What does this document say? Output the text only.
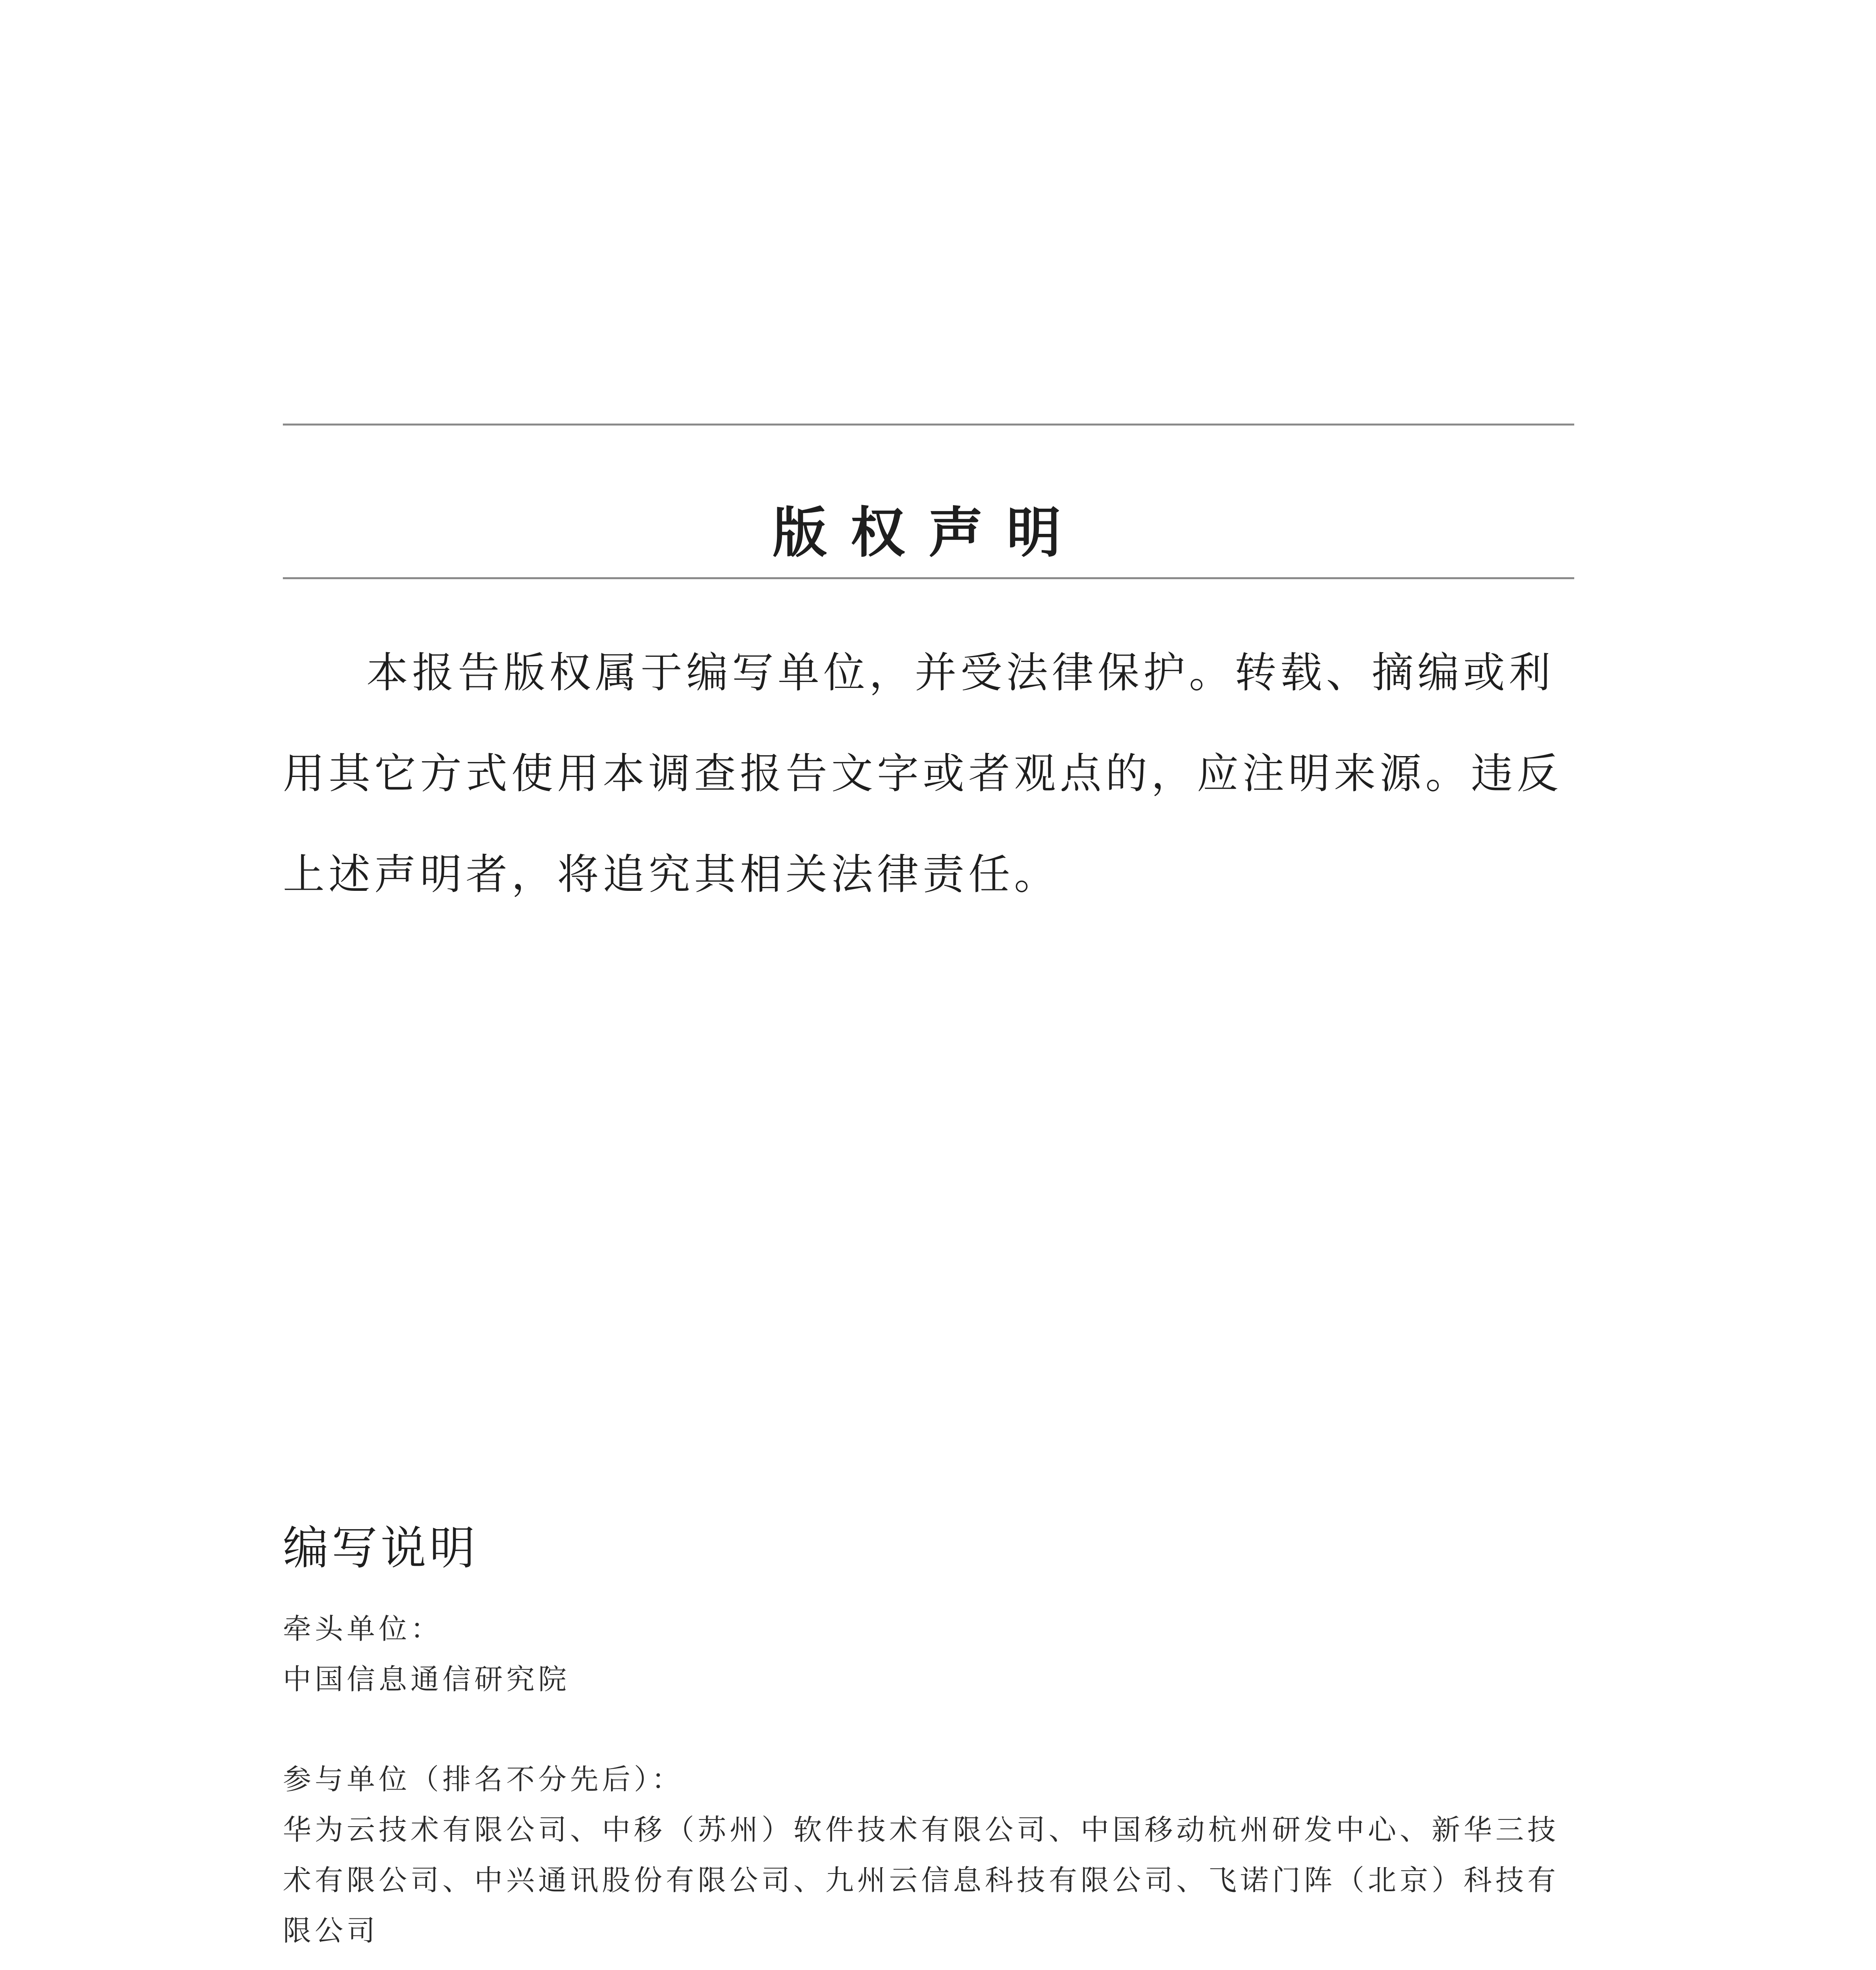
版权声明

本报告版权属于编写单位，并受法律保护。转载、摘编或利用其它方式使用本调查报告文字或者观点的，应注明来源。违反上述声明者，将追究其相关法律责任。

编写说明
牵头单位：
中国信息通信研究院
参与单位（排名不分先后）：
华为云技术有限公司、中移（苏州）软件技术有限公司、中国移动杭州研发中心、新华三技术有限公司、中兴通讯股份有限公司、九州云信息科技有限公司、飞诺门阵（北京）科技有限公司
